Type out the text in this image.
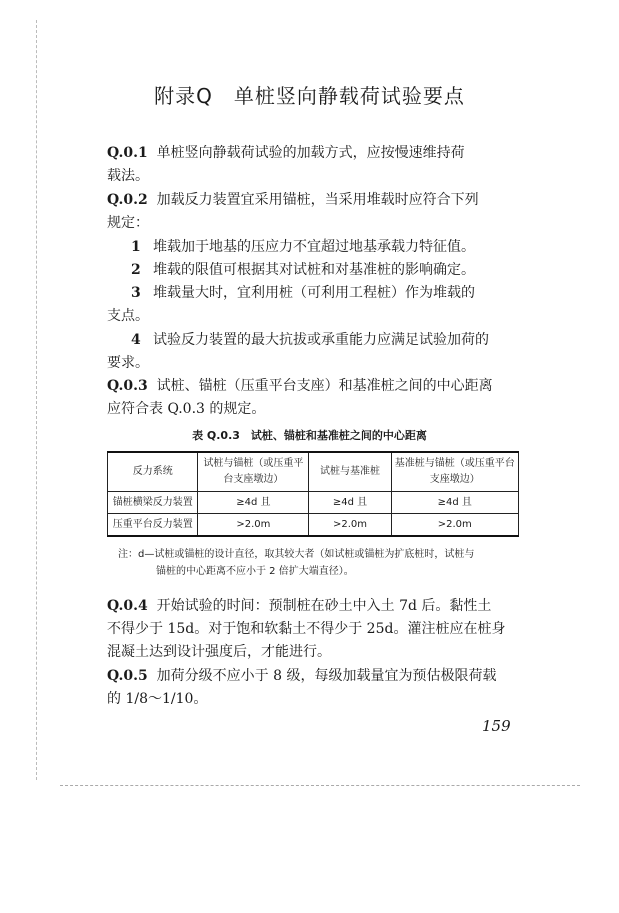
附录Q　单桩竖向静载荷试验要点

Q.0.1 单桩竖向静载荷试验的加载方式，应按慢速维持荷

载法。

Q.0.2 加载反力装置宜采用锚桩，当采用堆载时应符合下列

规定：

1 堆载加于地基的压应力不宜超过地基承载力特征值。

2 堆载的限值可根据其对试桩和对基准桩的影响确定。

3 堆载量大时，宜利用桩（可利用工程桩）作为堆载的

支点。

4 试验反力装置的最大抗拔或承重能力应满足试验加荷的

要求。

Q.0.3 试桩、锚桩（压重平台支座）和基准桩之间的中心距离

应符合表 Q.0.3 的规定。

表 Q.0.3　试桩、锚桩和基准桩之间的中心距离
反力系统	试桩与锚桩（或压重平台支座墩边）	试桩与基准桩	基准桩与锚桩（或压重平台支座墩边）
锚桩横梁反力装置	≥4d 且	≥4d 且	≥4d 且
压重平台反力装置	>2.0m	>2.0m	>2.0m
注：d—试桩或锚桩的设计直径，取其较大者（如试桩或锚桩为扩底桩时，试桩与
锚桩的中心距离不应小于 2 倍扩大端直径）。

Q.0.4 开始试验的时间：预制桩在砂土中入土 7d 后。黏性土

不得少于 15d。对于饱和软黏土不得少于 25d。灌注桩应在桩身

混凝土达到设计强度后，才能进行。

Q.0.5 加荷分级不应小于 8 级，每级加载量宜为预估极限荷载

的 1/8～1/10。

159
